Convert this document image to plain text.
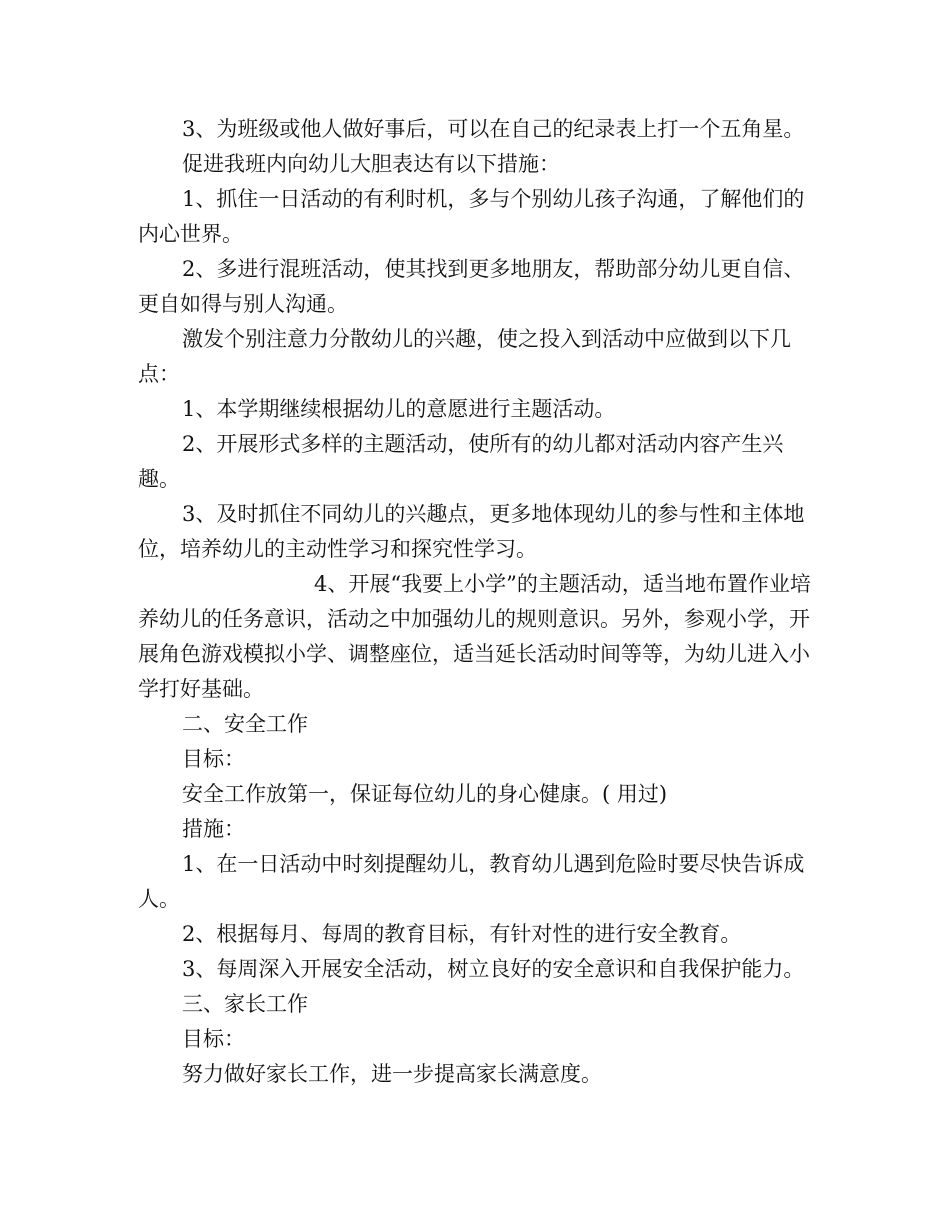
3、为班级或他人做好事后，可以在自己的纪录表上打一个五角星。

促进我班内向幼儿大胆表达有以下措施：

1、抓住一日活动的有利时机，多与个别幼儿孩子沟通，了解他们的内心世界。

2、多进行混班活动，使其找到更多地朋友，帮助部分幼儿更自信、更自如得与别人沟通。

激发个别注意力分散幼儿的兴趣，使之投入到活动中应做到以下几点：

1、本学期继续根据幼儿的意愿进行主题活动。

2、开展形式多样的主题活动，使所有的幼儿都对活动内容产生兴趣。

3、及时抓住不同幼儿的兴趣点，更多地体现幼儿的参与性和主体地位，培养幼儿的主动性学习和探究性学习。

4、开展“我要上小学”的主题活动，适当地布置作业培养幼儿的任务意识，活动之中加强幼儿的规则意识。另外，参观小学，开展角色游戏模拟小学、调整座位，适当延长活动时间等等，为幼儿进入小学打好基础。

二、安全工作

目标：

安全工作放第一，保证每位幼儿的身心健康。( 用过)

措施：

1、在一日活动中时刻提醒幼儿，教育幼儿遇到危险时要尽快告诉成人。

2、根据每月、每周的教育目标，有针对性的进行安全教育。

3、每周深入开展安全活动，树立良好的安全意识和自我保护能力。

三、家长工作

目标：

努力做好家长工作，进一步提高家长满意度。
